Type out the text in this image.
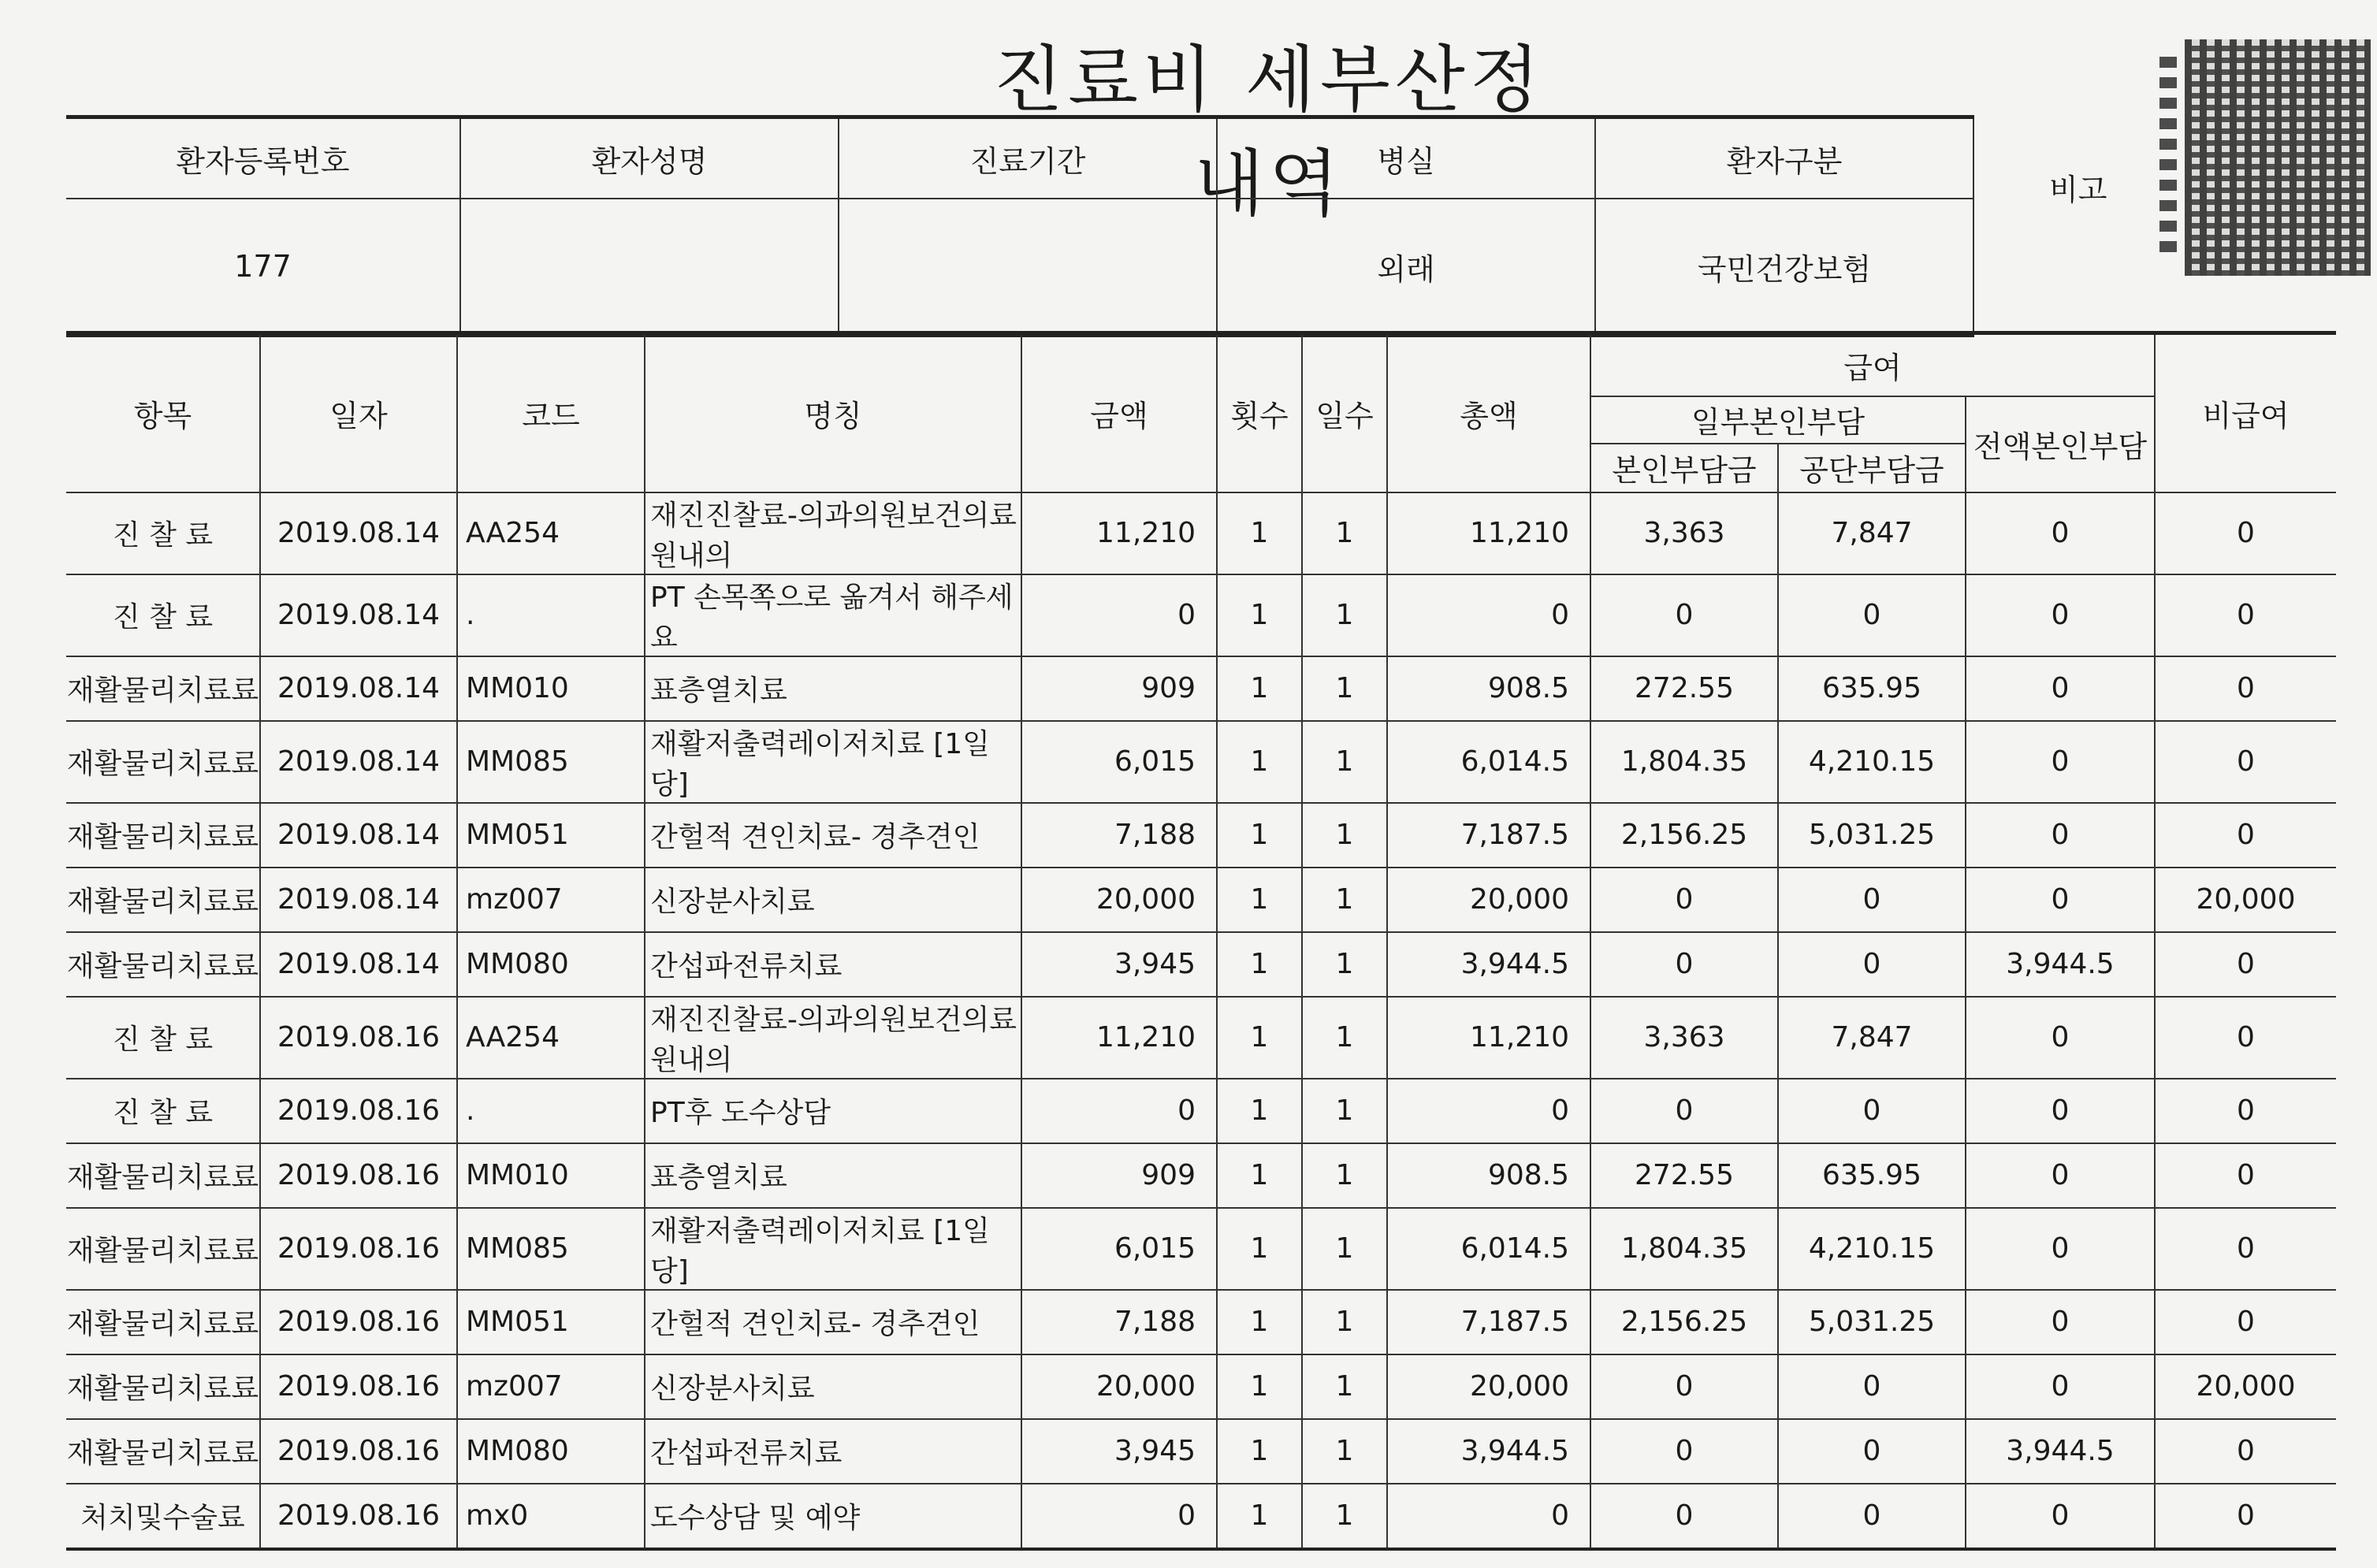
진료비 세부산정내역
환자등록번호	환자성명	진료기간	병실	환자구분
177			외래	국민건강보험
비고
항목	일자	코드	명칭	금액	횟수	일수	총액	급여			비급여
								일부본인부담		전액본인부담	
								본인부담금	공단부담금		
진 찰 료	2019.08.14	AA254	재진진찰료-의과의원보건의료원내의	11,210	1	1	11,210	3,363	7,847	0	0
진 찰 료	2019.08.14	.	PT 손목쪽으로 옮겨서 해주세요	0	1	1	0	0	0	0	0
재활물리치료료	2019.08.14	MM010	표층열치료	909	1	1	908.5	272.55	635.95	0	0
재활물리치료료	2019.08.14	MM085	재활저출력레이저치료 [1일당]	6,015	1	1	6,014.5	1,804.35	4,210.15	0	0
재활물리치료료	2019.08.14	MM051	간헐적 견인치료- 경추견인	7,188	1	1	7,187.5	2,156.25	5,031.25	0	0
재활물리치료료	2019.08.14	mz007	신장분사치료	20,000	1	1	20,000	0	0	0	20,000
재활물리치료료	2019.08.14	MM080	간섭파전류치료	3,945	1	1	3,944.5	0	0	3,944.5	0
진 찰 료	2019.08.16	AA254	재진진찰료-의과의원보건의료원내의	11,210	1	1	11,210	3,363	7,847	0	0
진 찰 료	2019.08.16	.	PT후 도수상담	0	1	1	0	0	0	0	0
재활물리치료료	2019.08.16	MM010	표층열치료	909	1	1	908.5	272.55	635.95	0	0
재활물리치료료	2019.08.16	MM085	재활저출력레이저치료 [1일당]	6,015	1	1	6,014.5	1,804.35	4,210.15	0	0
재활물리치료료	2019.08.16	MM051	간헐적 견인치료- 경추견인	7,188	1	1	7,187.5	2,156.25	5,031.25	0	0
재활물리치료료	2019.08.16	mz007	신장분사치료	20,000	1	1	20,000	0	0	0	20,000
재활물리치료료	2019.08.16	MM080	간섭파전류치료	3,945	1	1	3,944.5	0	0	3,944.5	0
처치및수술료	2019.08.16	mx0	도수상담 및 예약	0	1	1	0	0	0	0	0
